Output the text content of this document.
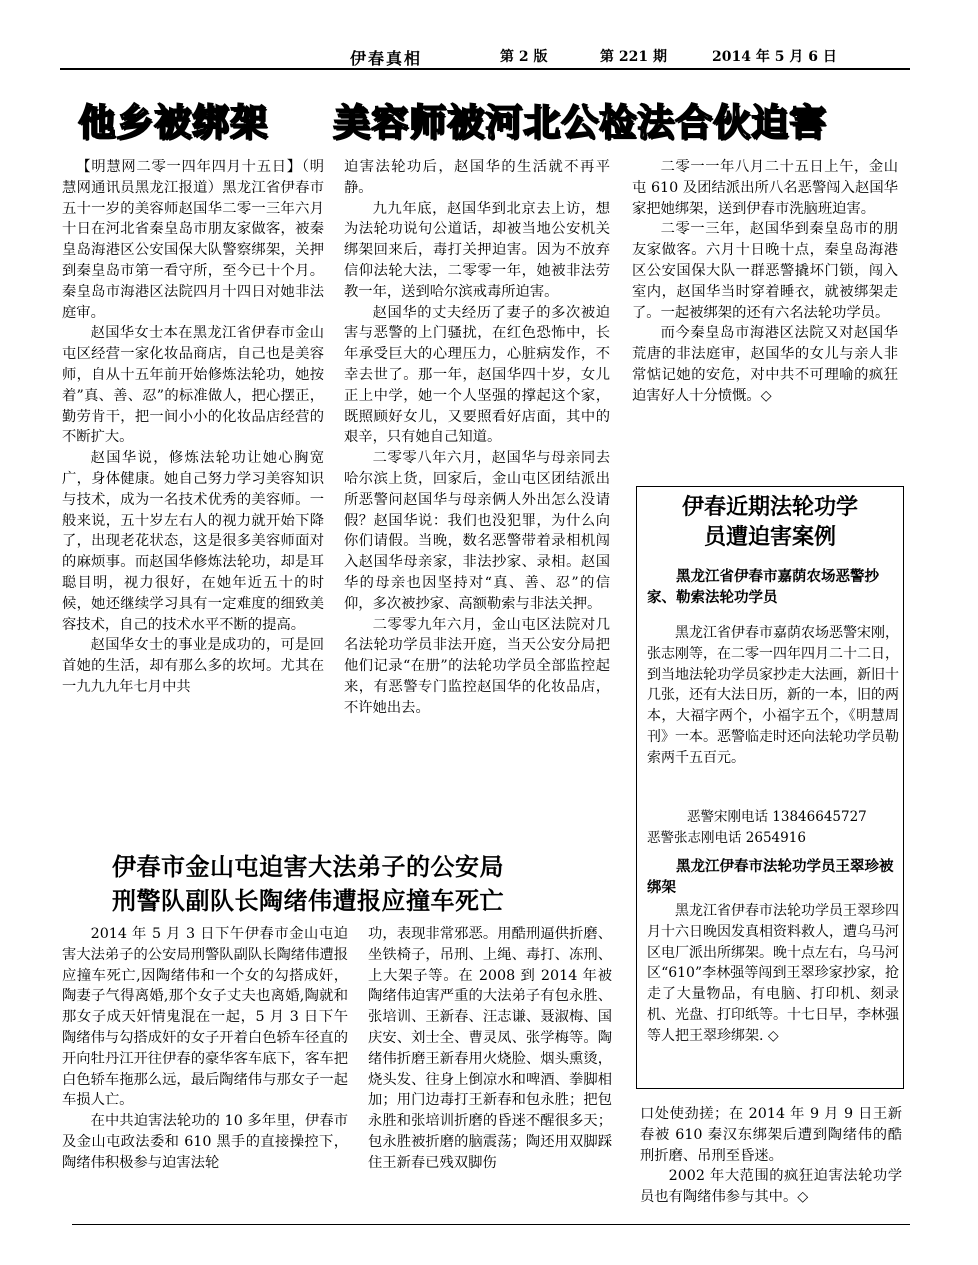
伊春真相	第 2 版	第 221 期	2014 年 5 月 6 日
他乡被绑架 美容师被河北公检法合伙迫害

【明慧网二零一四年四月十五日】（明慧网通讯员黑龙江报道）黑龙江省伊春市五十一岁的美容师赵国华二零一三年六月十日在河北省秦皇岛市朋友家做客，被秦皇岛海港区公安国保大队警察绑架，关押到秦皇岛市第一看守所，至今已十个月。秦皇岛市海港区法院四月十四日对她非法庭审。

赵国华女士本在黑龙江省伊春市金山屯区经营一家化妆品商店，自己也是美容师，自从十五年前开始修炼法轮功，她按着”真、善、忍”的标准做人，把心摆正，勤劳肯干，把一间小小的化妆品店经营的不断扩大。

赵国华说，修炼法轮功让她心胸宽广，身体健康。她自己努力学习美容知识与技术，成为一名技术优秀的美容师。一般来说，五十岁左右人的视力就开始下降了，出现老花状态，这是很多美容师面对的麻烦事。而赵国华修炼法轮功，却是耳聪目明，视力很好，在她年近五十的时候，她还继续学习具有一定难度的细致美容技术，自己的技术水平不断的提高。

赵国华女士的事业是成功的，可是回首她的生活，却有那么多的坎坷。尤其在一九九九年七月中共

迫害法轮功后，赵国华的生活就不再平静。

九九年底，赵国华到北京去上访，想为法轮功说句公道话，却被当地公安机关绑架回来后，毒打关押迫害。因为不放弃信仰法轮大法，二零零一年，她被非法劳教一年，送到哈尔滨戒毒所迫害。

赵国华的丈夫经历了妻子的多次被迫害与恶警的上门骚扰，在红色恐怖中，长年承受巨大的心理压力，心脏病发作，不幸去世了。那一年，赵国华四十岁，女儿正上中学，她一个人坚强的撑起这个家，既照顾好女儿，又要照看好店面，其中的艰辛，只有她自己知道。

二零零八年六月，赵国华与母亲同去哈尔滨上货，回家后，金山屯区团结派出所恶警问赵国华与母亲俩人外出怎么没请假？赵国华说：我们也没犯罪，为什么向你们请假。当晚，数名恶警带着录相机闯入赵国华母亲家，非法抄家、录相。赵国华的母亲也因坚持对“真、善、忍”的信仰，多次被抄家、高额勒索与非法关押。

二零零九年六月，金山屯区法院对几名法轮功学员非法开庭，当天公安分局把他们记录“在册”的法轮功学员全部监控起来，有恶警专门监控赵国华的化妆品店，不许她出去。

二零一一年八月二十五日上午，金山屯 610 及团结派出所八名恶警闯入赵国华家把她绑架，送到伊春市洗脑班迫害。

二零一三年，赵国华到秦皇岛市的朋友家做客。六月十日晚十点，秦皇岛海港区公安国保大队一群恶警撬坏门锁，闯入室内，赵国华当时穿着睡衣，就被绑架走了。一起被绑架的还有六名法轮功学员。

而今秦皇岛市海港区法院又对赵国华荒唐的非法庭审，赵国华的女儿与亲人非常惦记她的安危，对中共不可理喻的疯狂迫害好人十分愤慨。◇

伊春近期法轮功学
员遭迫害案例
黑龙江省伊春市嘉荫农场恶警抄家、勒索法轮功学员

黑龙江省伊春市嘉荫农场恶警宋刚，张志刚等，在二零一四年四月二十二日，到当地法轮功学员家抄走大法画，新旧十几张，还有大法日历，新的一本，旧的两本，大福字两个，小福字五个，《明慧周刊》一本。恶警临走时还向法轮功学员勒索两千五百元。

恶警宋刚电话 13846645727
恶警张志刚电话 2654916
黑龙江伊春市法轮功学员王翠珍被绑架

黑龙江省伊春市法轮功学员王翠珍四月十六日晚因发真相资料救人，遭乌马河区电厂派出所绑架。晚十点左右，乌马河区“610”李林强等闯到王翠珍家抄家，抢走了大量物品，有电脑、打印机、刻录机、光盘、打印纸等。十七日早，李林强等人把王翠珍绑架. ◇

伊春市金山屯迫害大法弟子的公安局
刑警队副队长陶绪伟遭报应撞车死亡

2014 年 5 月 3 日下午伊春市金山屯迫害大法弟子的公安局刑警队副队长陶绪伟遭报应撞车死亡,因陶绪伟和一个女的勾搭成奸，陶妻子气得离婚,那个女子丈夫也离婚,陶就和那女子成天奸情鬼混在一起，5 月 3 日下午陶绪伟与勾搭成奸的女子开着白色轿车径直的开向牡丹江开往伊春的豪华客车底下，客车把白色轿车拖那么远，最后陶绪伟与那女子一起车损人亡。

在中共迫害法轮功的 10 多年里，伊春市及金山屯政法委和 610 黑手的直接操控下，陶绪伟积极参与迫害法轮

功，表现非常邪恶。用酷刑逼供折磨、坐铁椅子，吊刑、上绳、毒打、冻刑、上大架子等。在 2008 到 2014 年被陶绪伟迫害严重的大法弟子有包永胜、张培训、王新春、汪志谦、聂淑梅、国庆安、刘士全、曹灵凤、张学梅等。陶绪伟折磨王新春用火烧脸、烟头熏烫，烧头发、往身上倒凉水和啤酒、拳脚相加；用门边毒打王新春和包永胜；把包永胜和张培训折磨的昏迷不醒很多天；包永胜被折磨的脑震荡；陶还用双脚踩住王新春已残双脚伤

口处使劲搓；在 2014 年 9 月 9 日王新春被 610 秦汉东绑架后遭到陶绪伟的酷刑折磨、吊刑至昏迷。

2002 年大范围的疯狂迫害法轮功学员也有陶绪伟参与其中。◇
